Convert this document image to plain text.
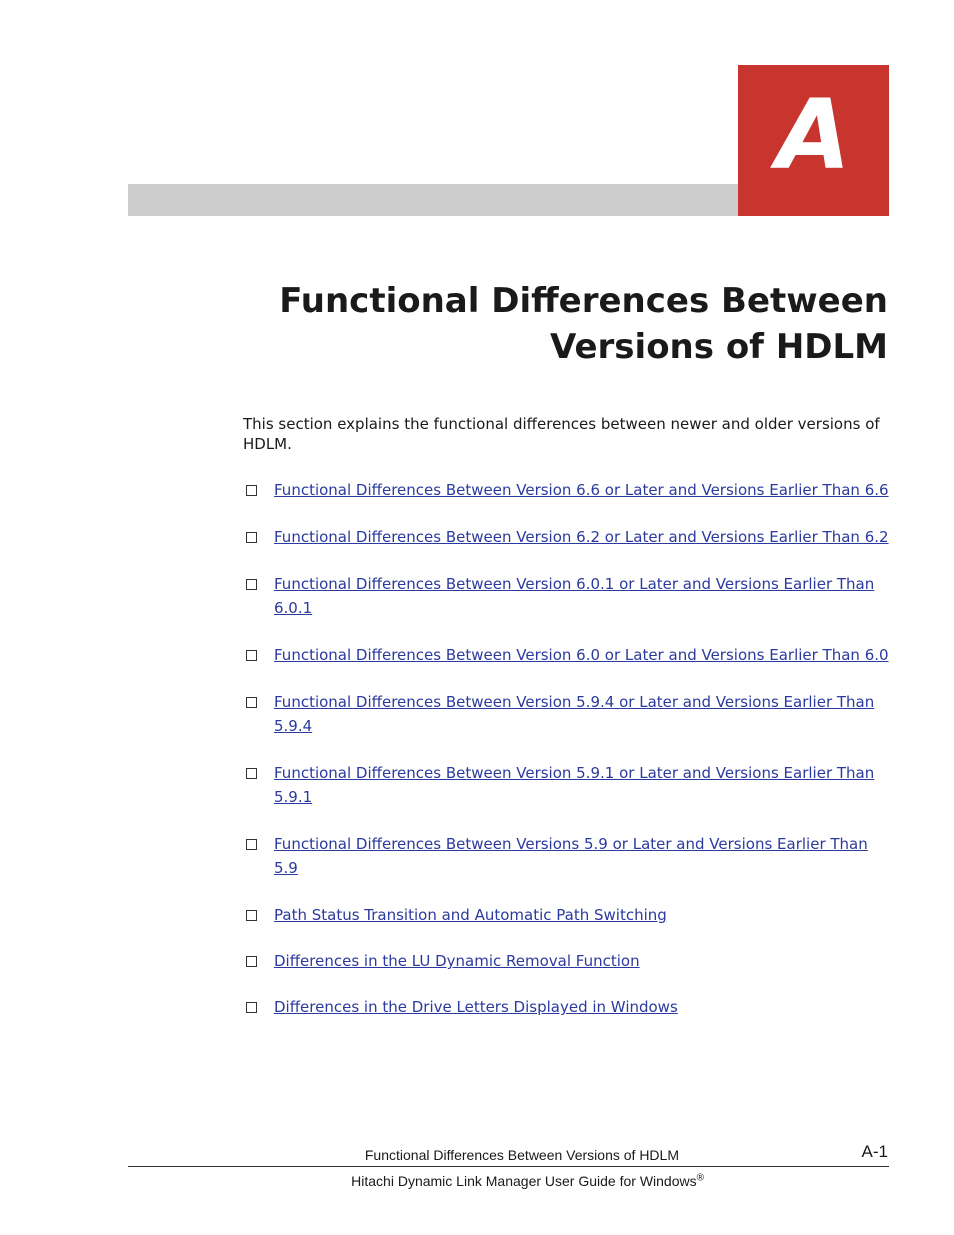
A
Functional Differences Between
Versions of HDLM

This section explains the functional differences between newer and older versions of HDLM.

Functional Differences Between Version 6.6 or Later and Versions Earlier Than 6.6
Functional Differences Between Version 6.2 or Later and Versions Earlier Than 6.2
Functional Differences Between Version 6.0.1 or Later and Versions Earlier Than 6.0.1
Functional Differences Between Version 6.0 or Later and Versions Earlier Than 6.0
Functional Differences Between Version 5.9.4 or Later and Versions Earlier Than 5.9.4
Functional Differences Between Version 5.9.1 or Later and Versions Earlier Than 5.9.1
Functional Differences Between Versions 5.9 or Later and Versions Earlier Than 5.9
Path Status Transition and Automatic Path Switching
Differences in the LU Dynamic Removal Function
Differences in the Drive Letters Displayed in Windows
Functional Differences Between Versions of HDLM	A-1
Hitachi Dynamic Link Manager User Guide for Windows®
